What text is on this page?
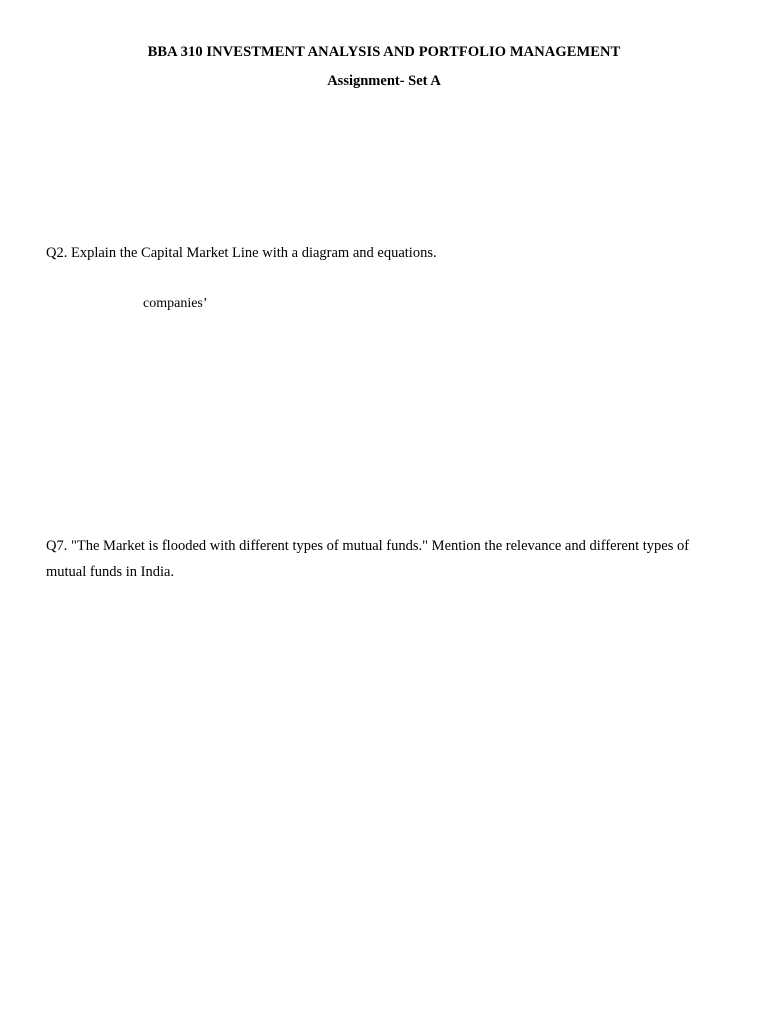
BBA 310 INVESTMENT ANALYSIS AND PORTFOLIO MANAGEMENT
Assignment- Set A
Q2. Explain the Capital Market Line with a diagram and equations.
companies’
Q7. "The Market is flooded with different types of mutual funds." Mention the relevance and different types of mutual funds in India.
